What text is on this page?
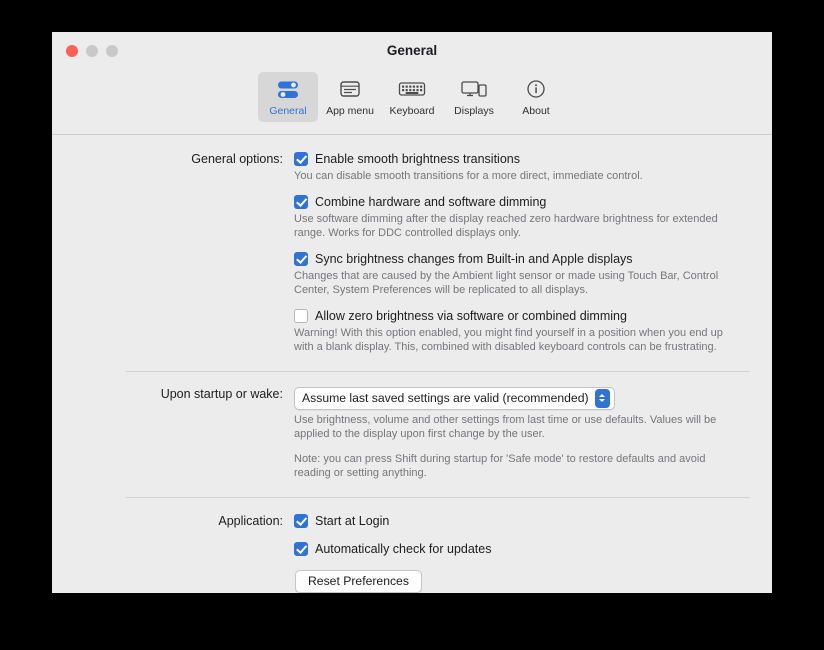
General
General App menu Keyboard Displays	About
General options:	Enable smooth brightness transitions
You can disable smooth transitions for a more direct, immediate control.
Combine hardware and software dimming
Use software dimming after the display reached zero hardware brightness for extended range. Works for DDC controlled displays only.
Sync brightness changes from Built-in and Apple displays
Changes that are caused by the Ambient light sensor or made using Touch Bar, Control Center, System Preferences will be replicated to all displays.
Allow zero brightness via software or combined dimming
Warning! With this option enabled, you might find yourself in a position when you end up with a blank display. This, combined with disabled keyboard controls can be frustrating.
Upon startup or wake:	Assume last saved settings are valid (recommended)
Use brightness, volume and other settings from last time or use defaults. Values will be applied to the display upon first change by the user.
Note: you can press Shift during startup for 'Safe mode' to restore defaults and avoid reading or setting anything.
Application:	Start at Login
Automatically check for updates
Reset Preferences
